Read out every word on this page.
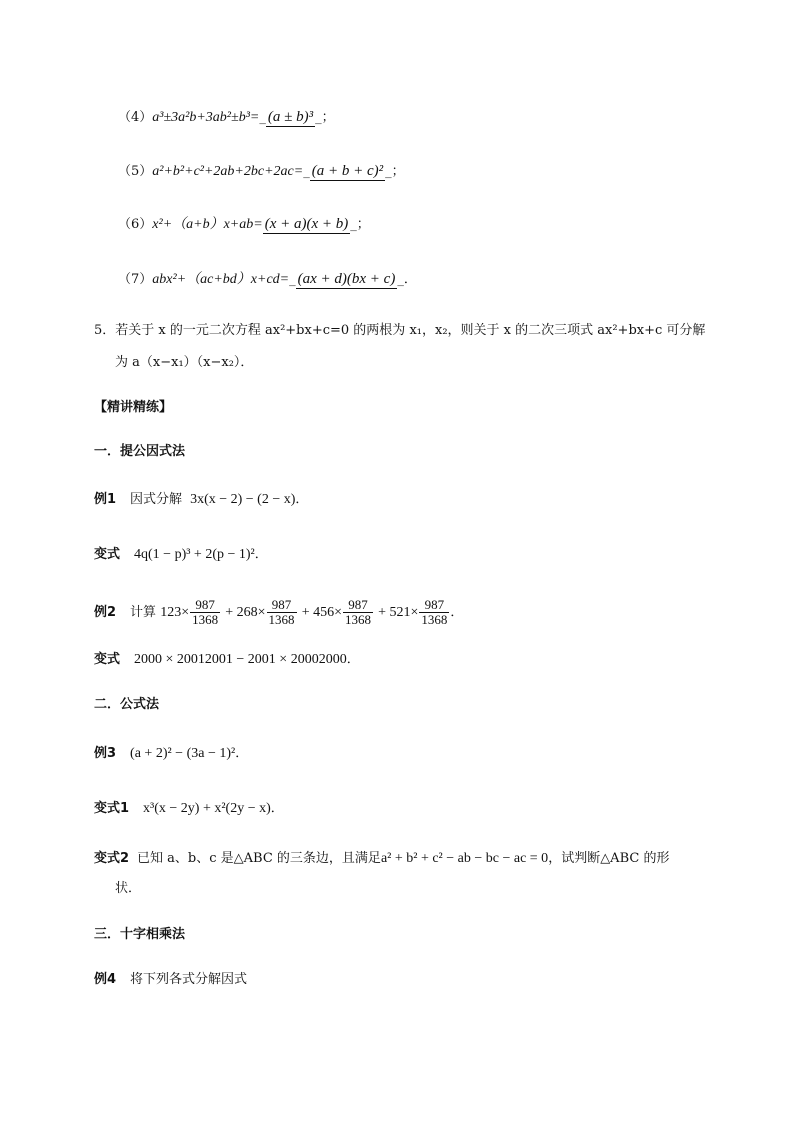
（4）a³±3a²b+3ab²±b³=_ (a ± b)³ _；
（5）a²+b²+c²+2ab+2bc+2ac=_ (a + b + c)² _；
（6）x²+（a+b）x+ab= (x + a)(x + b) _；
（7）abx²+（ac+bd）x+cd=_ (ax + d)(bx + c) _．
5．若关于 x 的一元二次方程 ax²+bx+c=0 的两根为 x₁，x₂，则关于 x 的二次三项式 ax²+bx+c 可分解
为 a（x−x₁）（x−x₂）．
【精讲精练】
一．提公因式法
例1 因式分解 3x(x − 2) − (2 − x)．
变式 4q(1 − p)³ + 2(p − 1)²．
例2 计算 $123\times \frac{987}{1368} + 268\times \frac{987}{1368} + 456\times \frac{987}{1368} + 521\times \frac{987}{1368}$ ．
变式 2000 × 20012001 − 2001 × 20002000．
二．公式法
例3 (a + 2)² − (3a − 1)²．
变式1 x³(x − 2y) + x²(2y − x)．
变式2 已知 a、b、c 是△ABC 的三条边，且满足a² + b² + c² − ab − bc − ac = 0，试判断△ABC 的形
状．
三．十字相乘法
例4 将下列各式分解因式
